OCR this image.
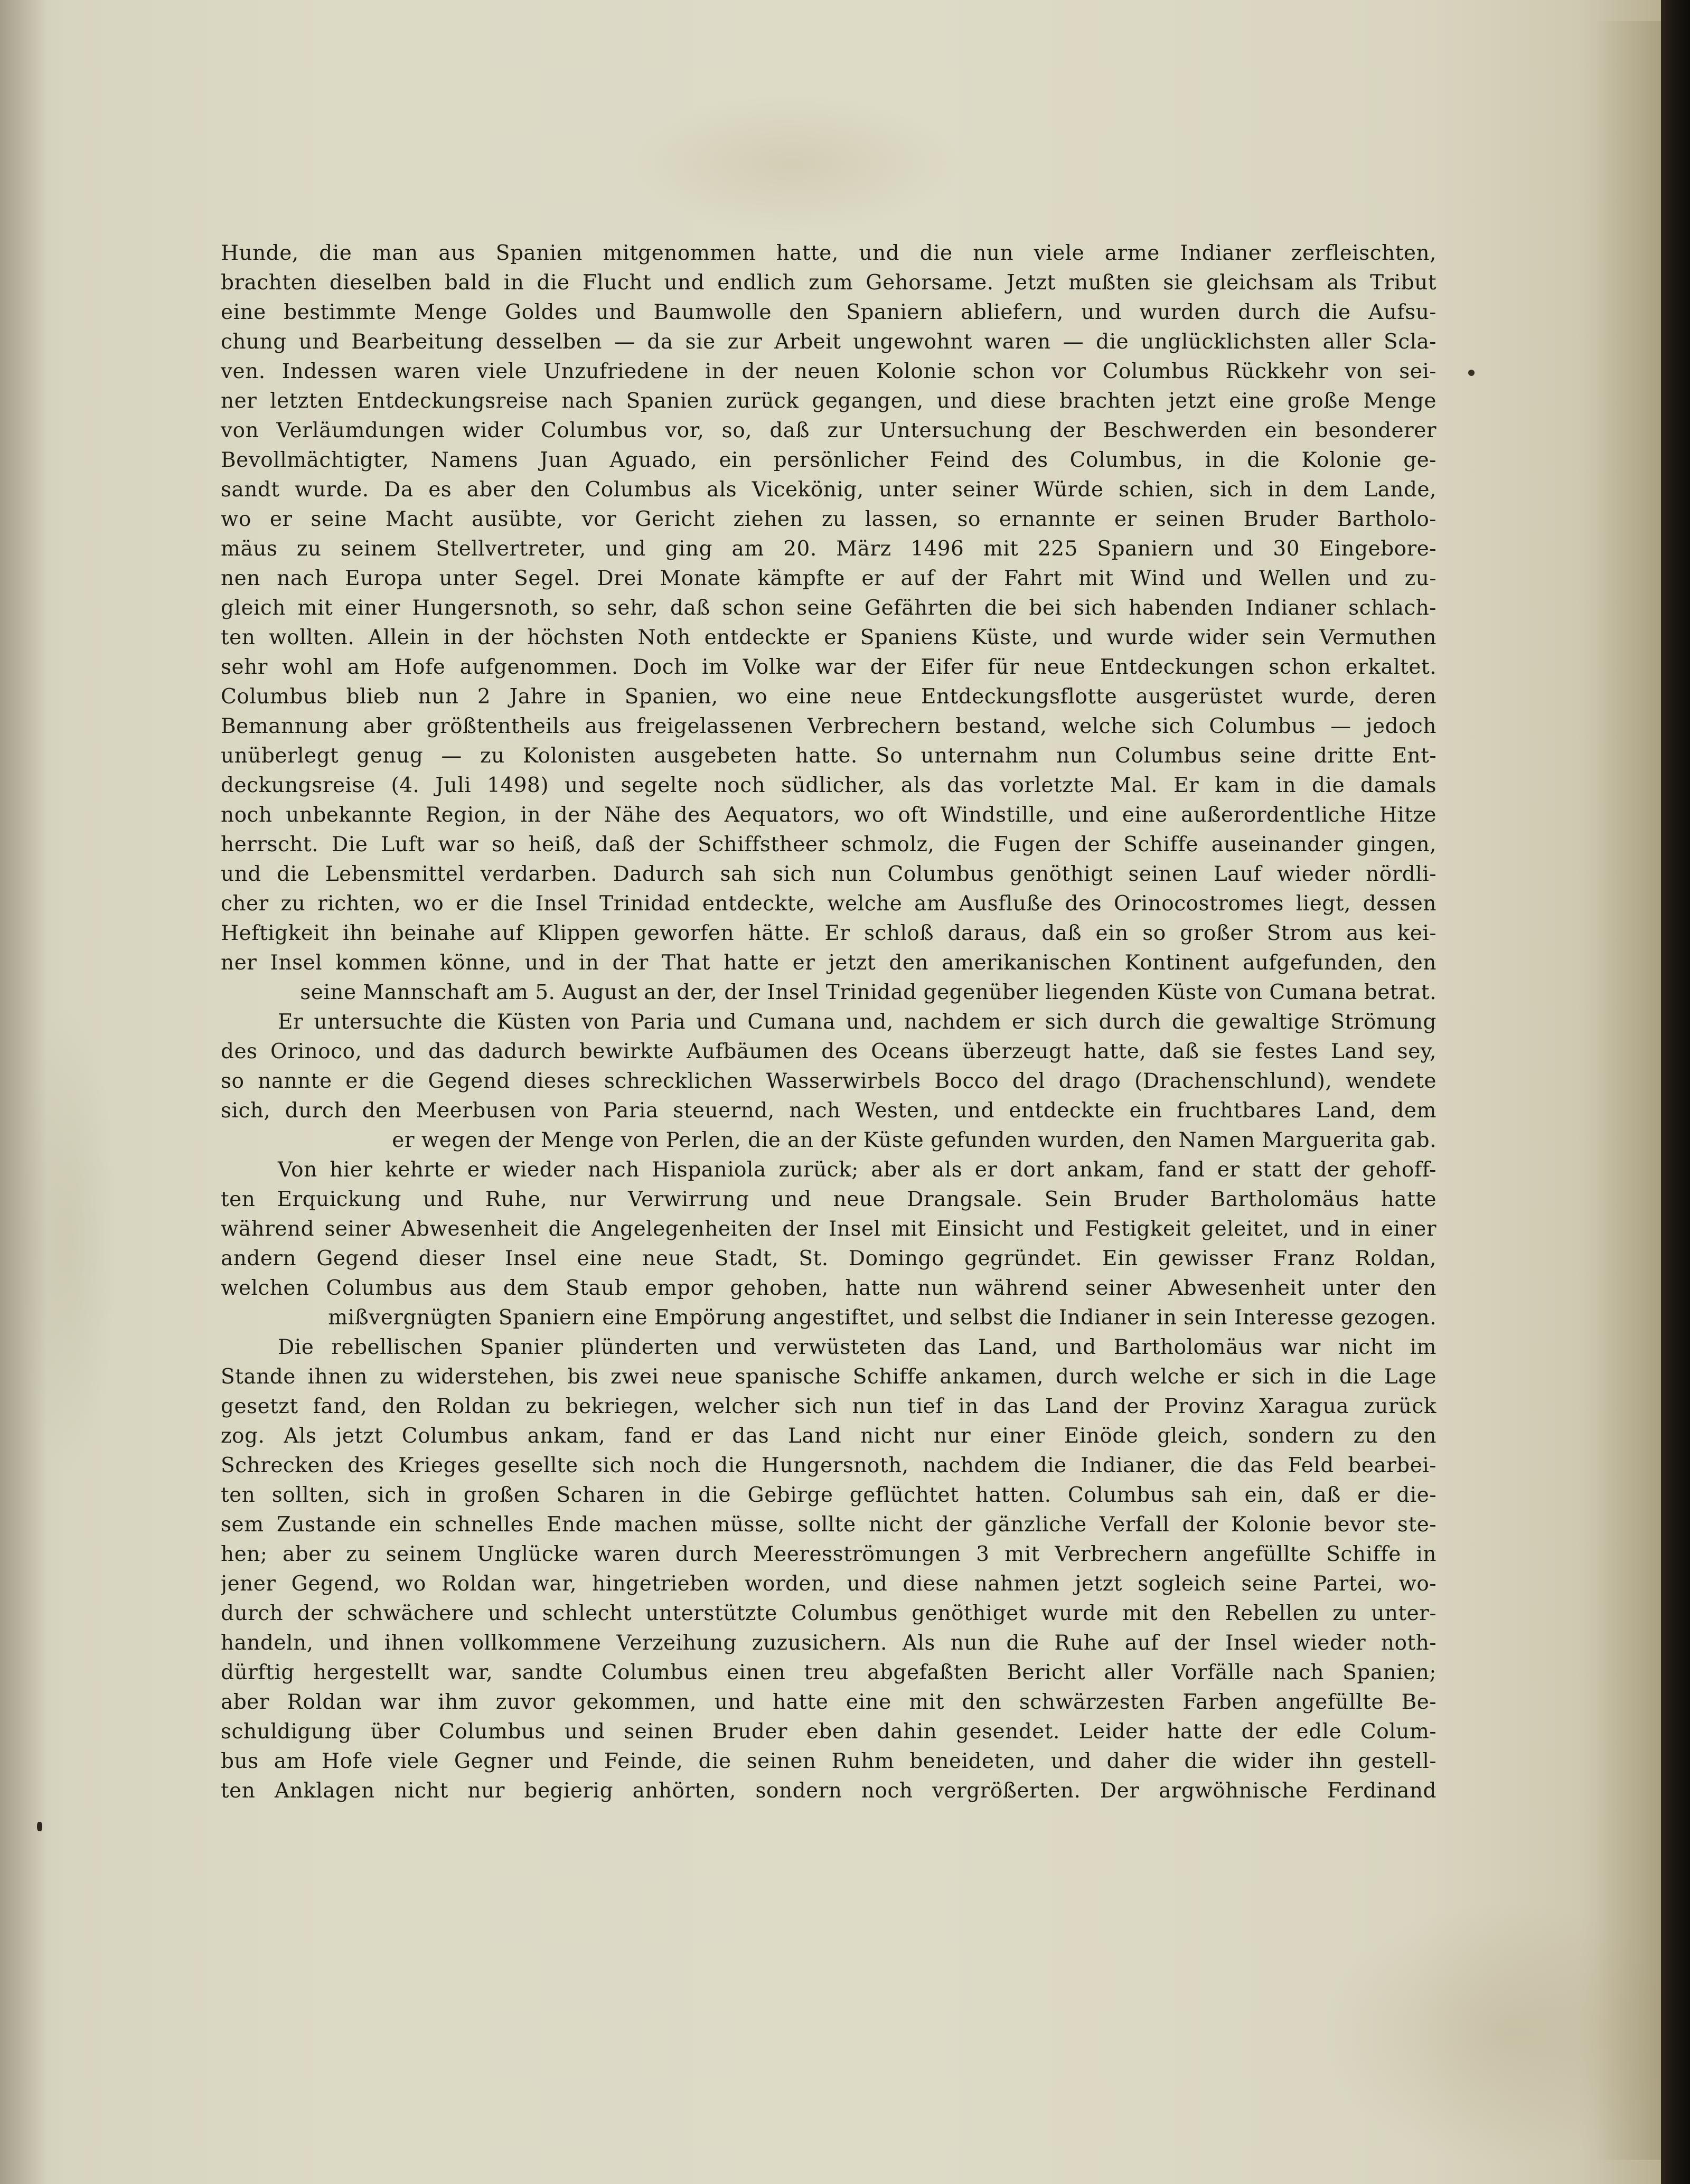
Hunde, die man aus Spanien mitgenommen hatte, und die nun viele arme Indianer zerfleischten,
brachten dieselben bald in die Flucht und endlich zum Gehorsame. Jetzt mußten sie gleichsam als Tribut
eine bestimmte Menge Goldes und Baumwolle den Spaniern abliefern, und wurden durch die Aufsu-
chung und Bearbeitung desselben — da sie zur Arbeit ungewohnt waren — die unglücklichsten aller Scla-
ven. Indessen waren viele Unzufriedene in der neuen Kolonie schon vor Columbus Rückkehr von sei-
ner letzten Entdeckungsreise nach Spanien zurück gegangen, und diese brachten jetzt eine große Menge
von Verläumdungen wider Columbus vor, so, daß zur Untersuchung der Beschwerden ein besonderer
Bevollmächtigter, Namens Juan Aguado, ein persönlicher Feind des Columbus, in die Kolonie ge-
sandt wurde. Da es aber den Columbus als Vicekönig, unter seiner Würde schien, sich in dem Lande,
wo er seine Macht ausübte, vor Gericht ziehen zu lassen, so ernannte er seinen Bruder Bartholo-
mäus zu seinem Stellvertreter, und ging am 20. März 1496 mit 225 Spaniern und 30 Eingebore-
nen nach Europa unter Segel. Drei Monate kämpfte er auf der Fahrt mit Wind und Wellen und zu-
gleich mit einer Hungersnoth, so sehr, daß schon seine Gefährten die bei sich habenden Indianer schlach-
ten wollten. Allein in der höchsten Noth entdeckte er Spaniens Küste, und wurde wider sein Vermuthen
sehr wohl am Hofe aufgenommen. Doch im Volke war der Eifer für neue Entdeckungen schon erkaltet.
Columbus blieb nun 2 Jahre in Spanien, wo eine neue Entdeckungsflotte ausgerüstet wurde, deren
Bemannung aber größtentheils aus freigelassenen Verbrechern bestand, welche sich Columbus — jedoch
unüberlegt genug — zu Kolonisten ausgebeten hatte. So unternahm nun Columbus seine dritte Ent-
deckungsreise (4. Juli 1498) und segelte noch südlicher, als das vorletzte Mal. Er kam in die damals
noch unbekannte Region, in der Nähe des Aequators, wo oft Windstille, und eine außerordentliche Hitze
herrscht. Die Luft war so heiß, daß der Schiffstheer schmolz, die Fugen der Schiffe auseinander gingen,
und die Lebensmittel verdarben. Dadurch sah sich nun Columbus genöthigt seinen Lauf wieder nördli-
cher zu richten, wo er die Insel Trinidad entdeckte, welche am Ausfluße des Orinocostromes liegt, dessen
Heftigkeit ihn beinahe auf Klippen geworfen hätte. Er schloß daraus, daß ein so großer Strom aus kei-
ner Insel kommen könne, und in der That hatte er jetzt den amerikanischen Kontinent aufgefunden, den
seine Mannschaft am 5. August an der, der Insel Trinidad gegenüber liegenden Küste von Cumana betrat.
Er untersuchte die Küsten von Paria und Cumana und, nachdem er sich durch die gewaltige Strömung
des Orinoco, und das dadurch bewirkte Aufbäumen des Oceans überzeugt hatte, daß sie festes Land sey,
so nannte er die Gegend dieses schrecklichen Wasserwirbels Bocco del drago (Drachenschlund), wendete
sich, durch den Meerbusen von Paria steuernd, nach Westen, und entdeckte ein fruchtbares Land, dem
er wegen der Menge von Perlen, die an der Küste gefunden wurden, den Namen Marguerita gab.
Von hier kehrte er wieder nach Hispaniola zurück; aber als er dort ankam, fand er statt der gehoff-
ten Erquickung und Ruhe, nur Verwirrung und neue Drangsale. Sein Bruder Bartholomäus hatte
während seiner Abwesenheit die Angelegenheiten der Insel mit Einsicht und Festigkeit geleitet, und in einer
andern Gegend dieser Insel eine neue Stadt, St. Domingo gegründet. Ein gewisser Franz Roldan,
welchen Columbus aus dem Staub empor gehoben, hatte nun während seiner Abwesenheit unter den
mißvergnügten Spaniern eine Empörung angestiftet, und selbst die Indianer in sein Interesse gezogen.
Die rebellischen Spanier plünderten und verwüsteten das Land, und Bartholomäus war nicht im
Stande ihnen zu widerstehen, bis zwei neue spanische Schiffe ankamen, durch welche er sich in die Lage
gesetzt fand, den Roldan zu bekriegen, welcher sich nun tief in das Land der Provinz Xaragua zurück
zog. Als jetzt Columbus ankam, fand er das Land nicht nur einer Einöde gleich, sondern zu den
Schrecken des Krieges gesellte sich noch die Hungersnoth, nachdem die Indianer, die das Feld bearbei-
ten sollten, sich in großen Scharen in die Gebirge geflüchtet hatten. Columbus sah ein, daß er die-
sem Zustande ein schnelles Ende machen müsse, sollte nicht der gänzliche Verfall der Kolonie bevor ste-
hen; aber zu seinem Unglücke waren durch Meeresströmungen 3 mit Verbrechern angefüllte Schiffe in
jener Gegend, wo Roldan war, hingetrieben worden, und diese nahmen jetzt sogleich seine Partei, wo-
durch der schwächere und schlecht unterstützte Columbus genöthiget wurde mit den Rebellen zu unter-
handeln, und ihnen vollkommene Verzeihung zuzusichern. Als nun die Ruhe auf der Insel wieder noth-
dürftig hergestellt war, sandte Columbus einen treu abgefaßten Bericht aller Vorfälle nach Spanien;
aber Roldan war ihm zuvor gekommen, und hatte eine mit den schwärzesten Farben angefüllte Be-
schuldigung über Columbus und seinen Bruder eben dahin gesendet. Leider hatte der edle Colum-
bus am Hofe viele Gegner und Feinde, die seinen Ruhm beneideten, und daher die wider ihn gestell-
ten Anklagen nicht nur begierig anhörten, sondern noch vergrößerten. Der argwöhnische Ferdinand
